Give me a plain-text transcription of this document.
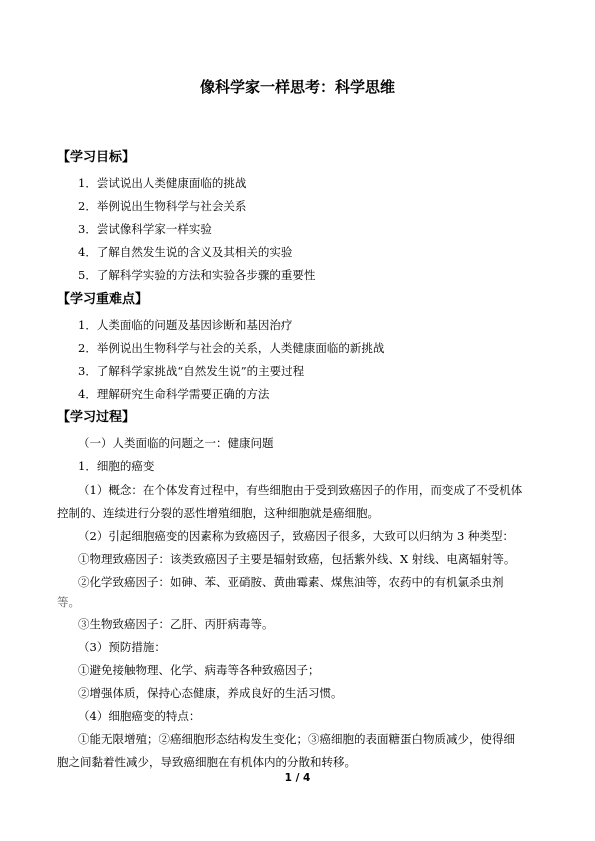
像科学家一样思考：科学思维
【学习目标】
1．尝试说出人类健康面临的挑战
2．举例说出生物科学与社会关系
3．尝试像科学家一样实验
4．了解自然发生说的含义及其相关的实验
5．了解科学实验的方法和实验各步骤的重要性
【学习重难点】
1．人类面临的问题及基因诊断和基因治疗
2．举例说出生物科学与社会的关系，人类健康面临的新挑战
3．了解科学家挑战“自然发生说”的主要过程
4．理解研究生命科学需要正确的方法
【学习过程】
（一）人类面临的问题之一：健康问题
1．细胞的癌变
（1）概念：在个体发育过程中，有些细胞由于受到致癌因子的作用，而变成了不受机体
控制的、连续进行分裂的恶性增殖细胞，这种细胞就是癌细胞。
（2）引起细胞癌变的因素称为致癌因子，致癌因子很多，大致可以归纳为 3 种类型：
①物理致癌因子：该类致癌因子主要是辐射致癌，包括紫外线、X 射线、电离辐射等。
②化学致癌因子：如砷、苯、亚硝胺、黄曲霉素、煤焦油等，农药中的有机氯杀虫剂
等。
③生物致癌因子：乙肝、丙肝病毒等。
（3）预防措施：
①避免接触物理、化学、病毒等各种致癌因子；
②增强体质，保持心态健康，养成良好的生活习惯。
（4）细胞癌变的特点：
①能无限增殖；②癌细胞形态结构发生变化；③癌细胞的表面糖蛋白物质减少，使得细
胞之间黏着性减少，导致癌细胞在有机体内的分散和转移。
1 / 4
